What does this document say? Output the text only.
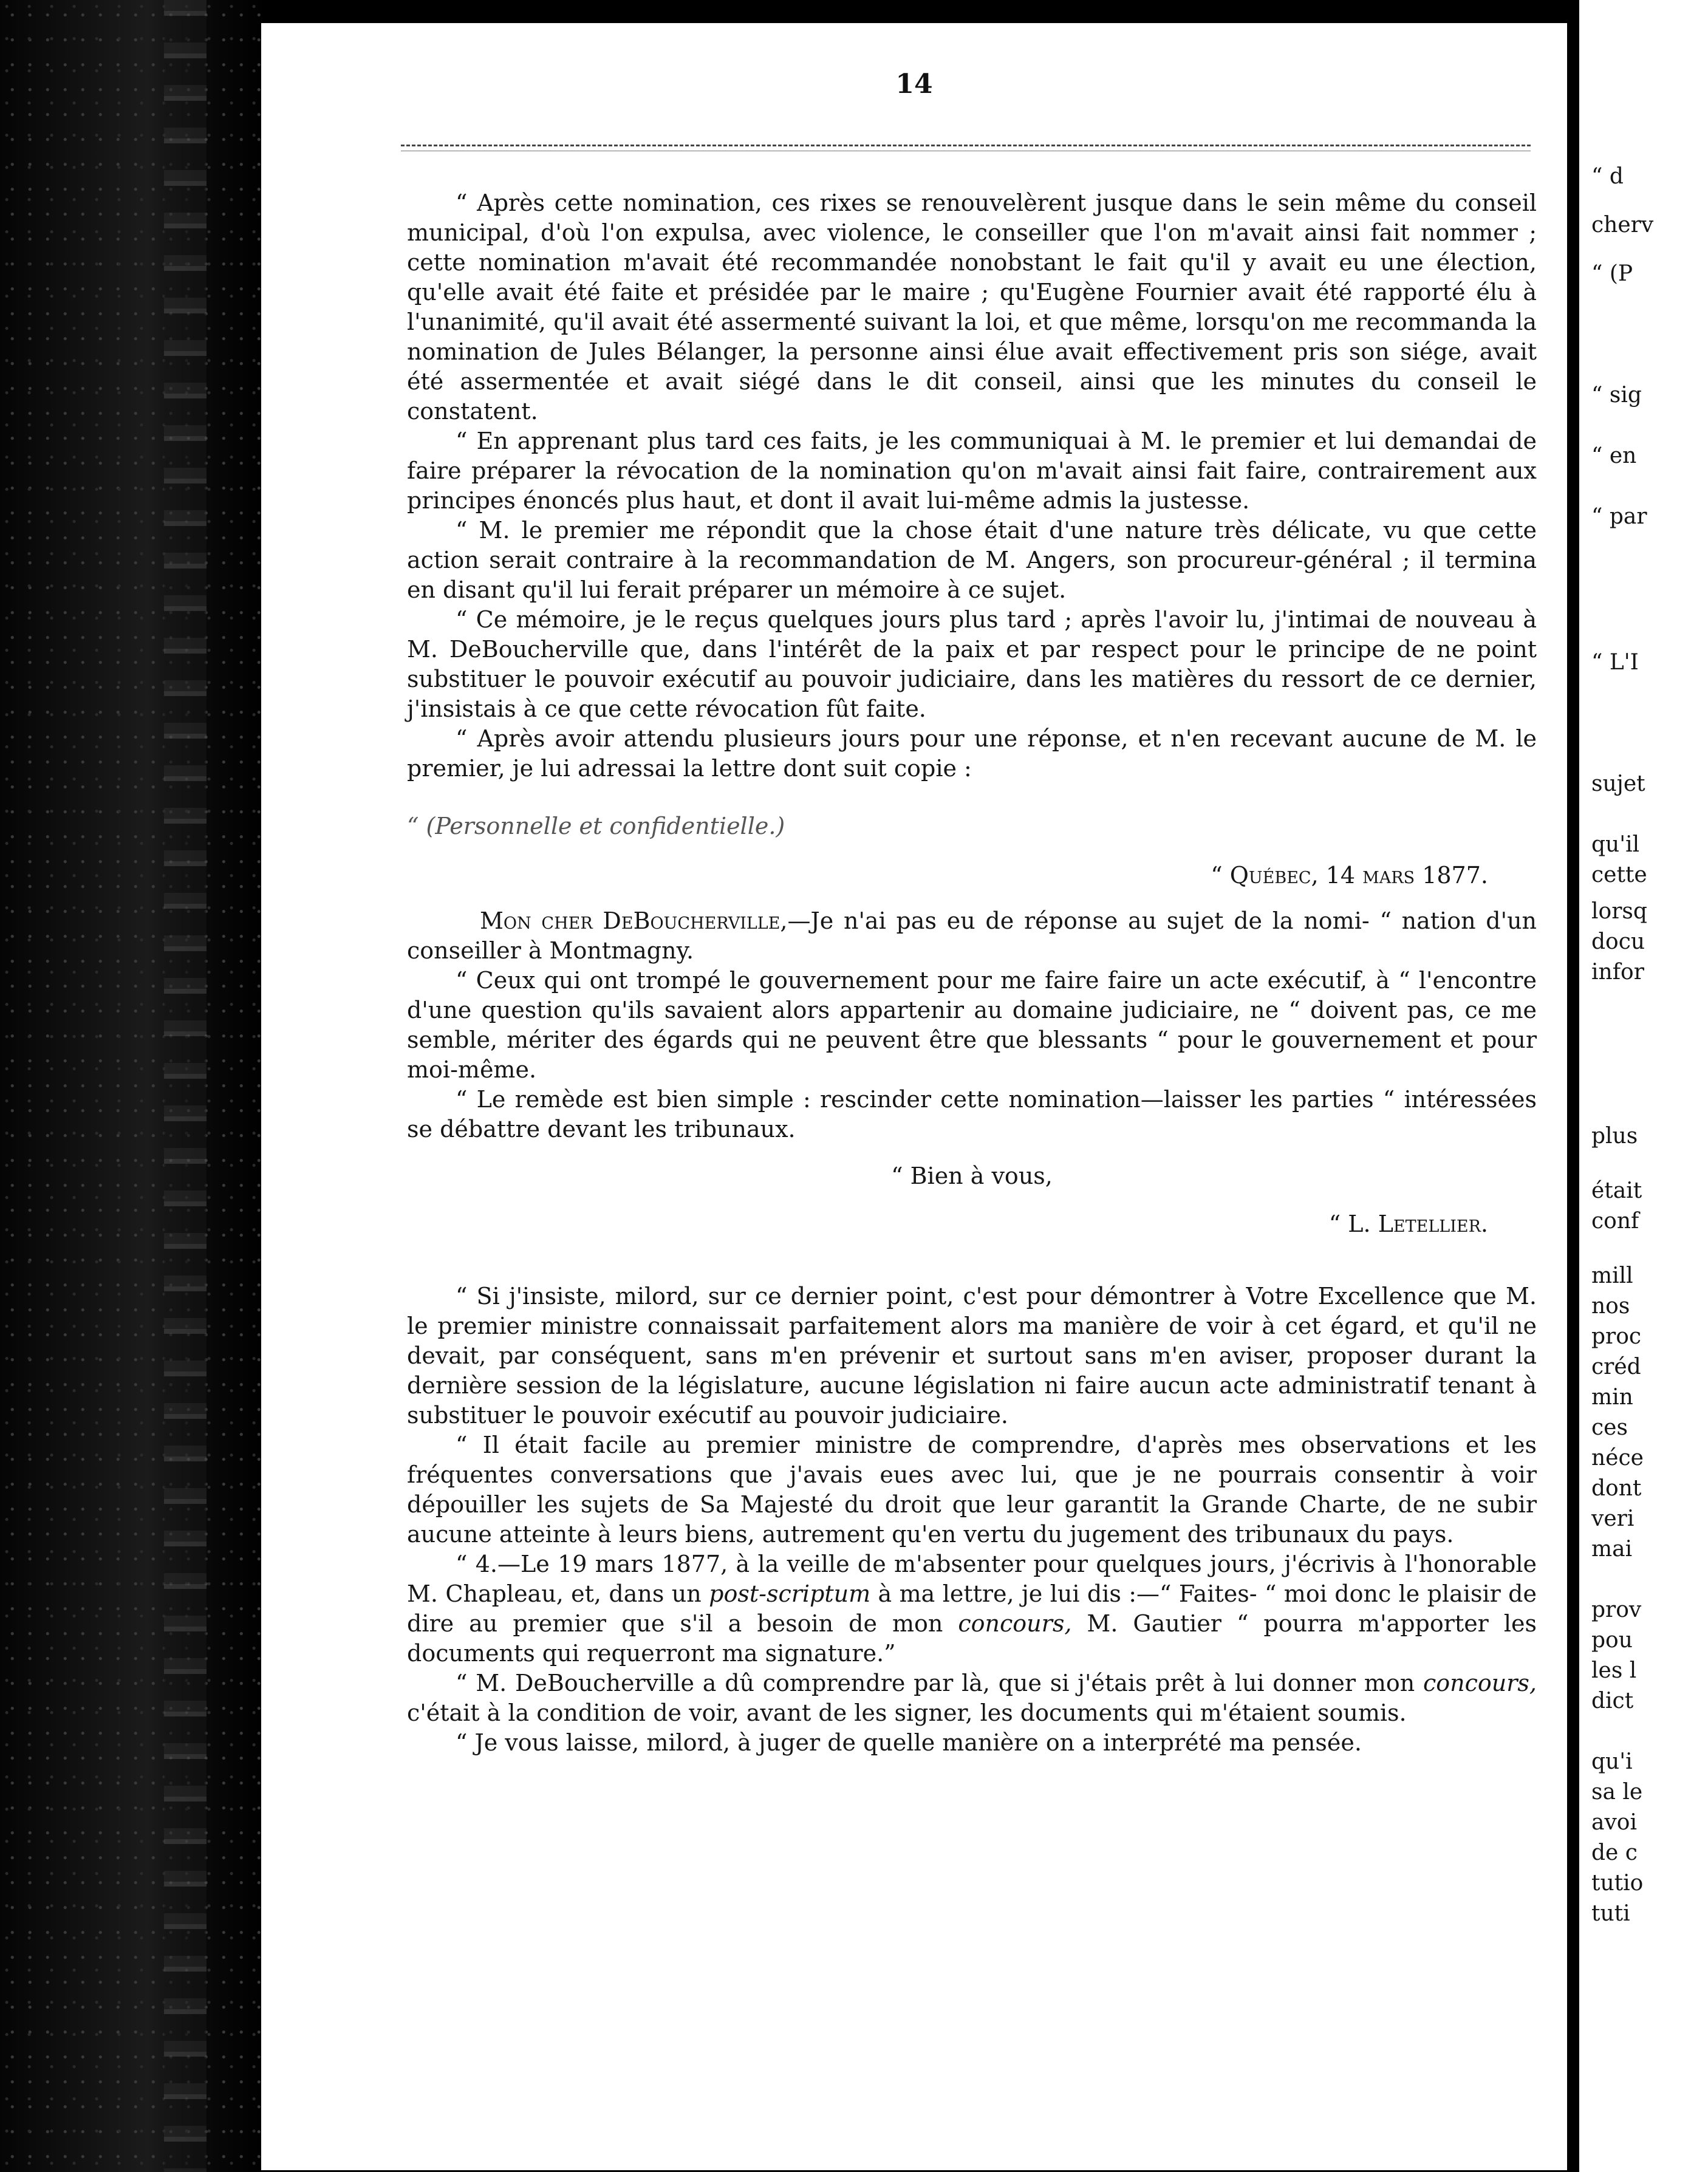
14

“ Après cette nomination, ces rixes se renouvelèrent jusque dans le sein même du conseil municipal, d'où l'on expulsa, avec violence, le conseiller que l'on m'avait ainsi fait nommer ; cette nomination m'avait été recommandée nonobstant le fait qu'il y avait eu une élection, qu'elle avait été faite et présidée par le maire ; qu'Eugène Fournier avait été rapporté élu à l'unanimité, qu'il avait été assermenté suivant la loi, et que même, lorsqu'on me recommanda la nomination de Jules Bélanger, la personne ainsi élue avait effectivement pris son siége, avait été assermentée et avait siégé dans le dit conseil, ainsi que les minutes du conseil le constatent.

“ En apprenant plus tard ces faits, je les communiquai à M. le premier et lui demandai de faire préparer la révocation de la nomination qu'on m'avait ainsi fait faire, contrairement aux principes énoncés plus haut, et dont il avait lui-même admis la justesse.

“ M. le premier me répondit que la chose était d'une nature très délicate, vu que cette action serait contraire à la recommandation de M. Angers, son procureur-général ; il termina en disant qu'il lui ferait préparer un mémoire à ce sujet.

“ Ce mémoire, je le reçus quelques jours plus tard ; après l'avoir lu, j'intimai de nouveau à M. DeBoucherville que, dans l'intérêt de la paix et par respect pour le principe de ne point substituer le pouvoir exécutif au pouvoir judiciaire, dans les matières du ressort de ce dernier, j'insistais à ce que cette révocation fût faite.

“ Après avoir attendu plusieurs jours pour une réponse, et n'en recevant aucune de M. le premier, je lui adressai la lettre dont suit copie :

“ (Personnelle et confidentielle.)

“ Québec, 14 mars 1877.

Mon cher DeBoucherville,—Je n'ai pas eu de réponse au sujet de la nomi- “ nation d'un conseiller à Montmagny.

“ Ceux qui ont trompé le gouvernement pour me faire faire un acte exécutif, à “ l'encontre d'une question qu'ils savaient alors appartenir au domaine judiciaire, ne “ doivent pas, ce me semble, mériter des égards qui ne peuvent être que blessants “ pour le gouvernement et pour moi-même.

“ Le remède est bien simple : rescinder cette nomination—laisser les parties “ intéressées se débattre devant les tribunaux.

“ Bien à vous,

“ L. Letellier.

“ Si j'insiste, milord, sur ce dernier point, c'est pour démontrer à Votre Excellence que M. le premier ministre connaissait parfaitement alors ma manière de voir à cet égard, et qu'il ne devait, par conséquent, sans m'en prévenir et surtout sans m'en aviser, proposer durant la dernière session de la législature, aucune législation ni faire aucun acte administratif tenant à substituer le pouvoir exécutif au pouvoir judiciaire.

“ Il était facile au premier ministre de comprendre, d'après mes observations et les fréquentes conversations que j'avais eues avec lui, que je ne pourrais consentir à voir dépouiller les sujets de Sa Majesté du droit que leur garantit la Grande Charte, de ne subir aucune atteinte à leurs biens, autrement qu'en vertu du jugement des tribunaux du pays.

“ 4.—Le 19 mars 1877, à la veille de m'absenter pour quelques jours, j'écrivis à l'honorable M. Chapleau, et, dans un post-scriptum à ma lettre, je lui dis :—“ Faites- “ moi donc le plaisir de dire au premier que s'il a besoin de mon concours, M. Gautier “ pourra m'apporter les documents qui requerront ma signature.”

“ M. DeBoucherville a dû comprendre par là, que si j'étais prêt à lui donner mon concours, c'était à la condition de voir, avant de les signer, les documents qui m'étaient soumis.

“ Je vous laisse, milord, à juger de quelle manière on a interprété ma pensée.

“ d
cherv
“ (P
“ sig
“ en
“ par
“ L'I
sujet
qu'il
cette
lorsq
docu
infor
plus
était
conf
mill
nos
proc
créd
min
ces
néce
dont
veri
mai
prov
pou
les l
dict
qu'i
sa le
avoi
de c
tutio
tuti
